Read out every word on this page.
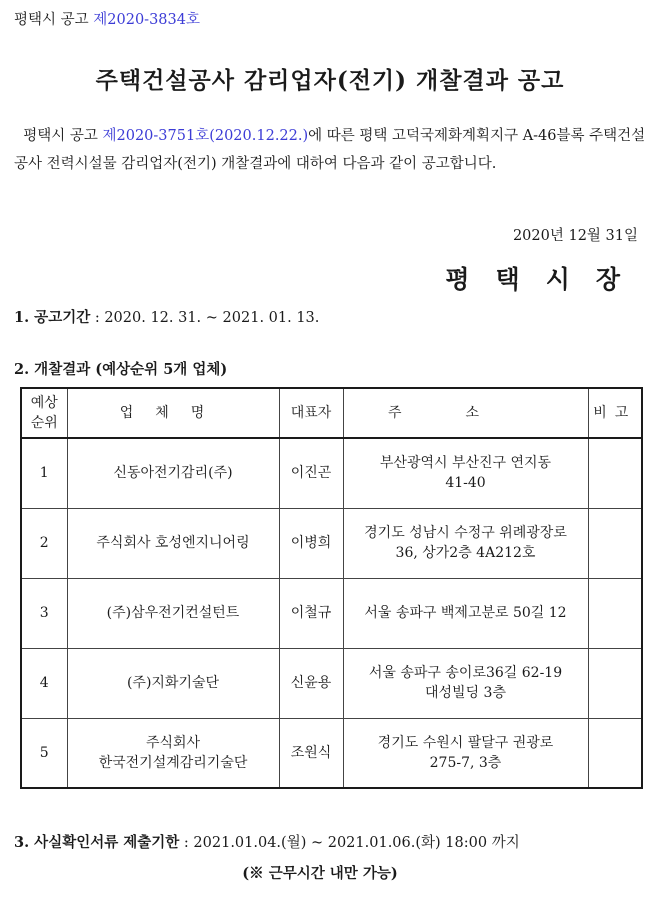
평택시 공고 제2020-3834호
주택건설공사 감리업자(전기) 개찰결과 공고
평택시 공고 제2020-3751호(2020.12.22.)에 따른 평택 고덕국제화계획지구 A-46블록 주택건설공사 전력시설물 감리업자(전기) 개찰결과에 대하여 다음과 같이 공고합니다.
2020년 12월 31일
평택시장
1. 공고기간 : 2020. 12. 31. ~ 2021. 01. 13.
2. 개찰결과 (예상순위 5개 업체)
예상
순위	업체명	대표자	주소	비고
1	신동아전기감리(주)	이진곤	부산광역시 부산진구 연지동
41-40	
2	주식회사 호성엔지니어링	이병희	경기도 성남시 수정구 위례광장로
36, 상가2층 4A212호	
3	(주)삼우전기컨설턴트	이철규	서울 송파구 백제고분로 50길 12	
4	(주)지화기술단	신윤용	서울 송파구 송이로36길 62-19
대성빌딩 3층	
5	주식회사
한국전기설계감리기술단	조원식	경기도 수원시 팔달구 권광로
275-7, 3층	
3. 사실확인서류 제출기한 : 2021.01.04.(월) ~ 2021.01.06.(화) 18:00 까지
(※ 근무시간 내만 가능)
